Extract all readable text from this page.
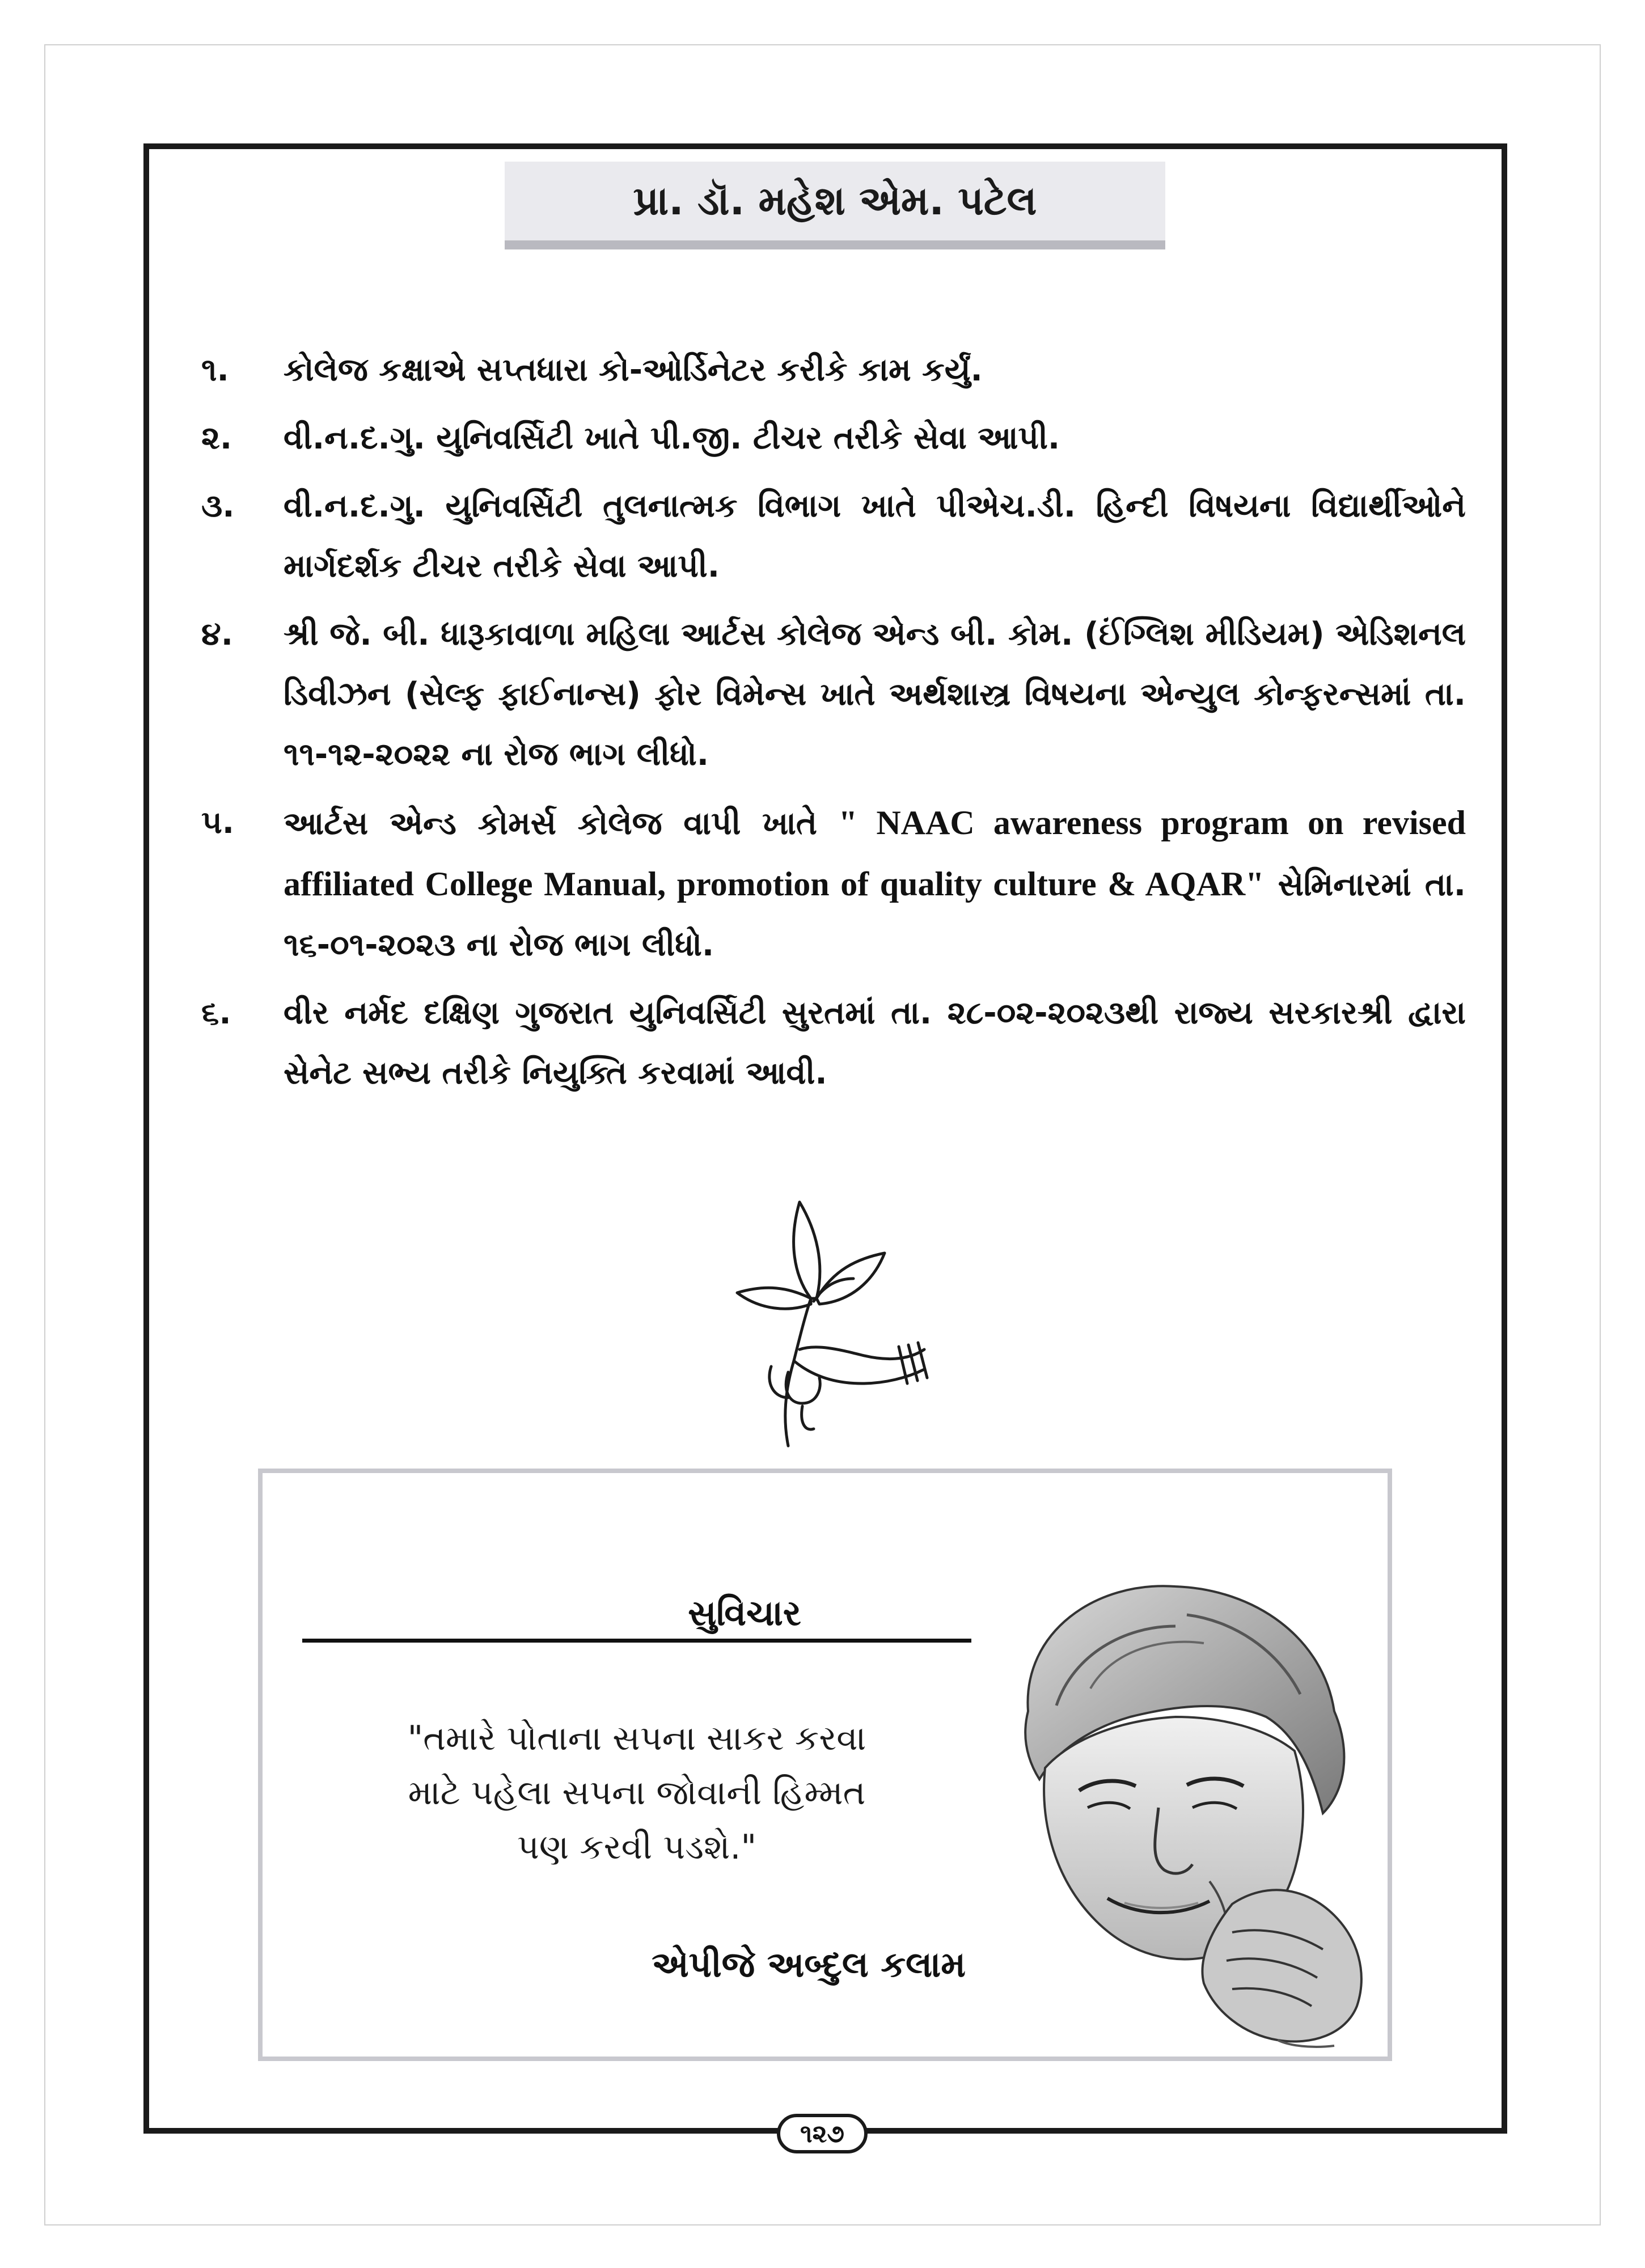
પ્રા. ડૉ. મહેશ એમ. પટેલ
૧.	કોલેજ કક્ષાએ સપ્તધારા કો-ઓર્ડિનેટર કરીકે કામ કર્યું.
૨.	વી.ન.દ.ગુ. યુનિવર્સિટી ખાતે પી.જી. ટીચર તરીકે સેવા આપી.
૩.	વી.ન.દ.ગુ. યુનિવર્સિટી તુલનાત્મક વિભાગ ખાતે પીએચ.ડી. હિન્દી વિષયના વિદ્યાર્થીઓને માર્ગદર્શક ટીચર તરીકે સેવા આપી.
૪.	શ્રી જે. બી. ધારૂકાવાળા મહિલા આર્ટસ કોલેજ એન્ડ બી. કોમ. (ઈંગ્લિશ મીડિયમ) એડિશનલ ડિવીઝન (સેલ્ફ ફાઈનાન્સ) ફોર વિમેન્સ ખાતે અર્થશાસ્ત્ર વિષયના એન્યુલ કોન્ફરન્સમાં તા. ૧૧-૧૨-૨૦૨૨ ના રોજ ભાગ લીધો.
૫.	આર્ટસ એન્ડ કોમર્સ કોલેજ વાપી ખાતે " NAAC awareness program on revised affiliated College Manual, promotion of quality culture & AQAR" સેમિનારમાં તા. ૧૬-૦૧-૨૦૨૩ ના રોજ ભાગ લીધો.
૬.	વીર નર્મદ દક્ષિણ ગુજરાત યુનિવર્સિટી સુરતમાં તા. ૨૮-૦૨-૨૦૨૩થી રાજ્ય સરકારશ્રી દ્વારા સેનેટ સભ્ય તરીકે નિયુક્તિ કરવામાં આવી.
સુવિચાર
"તમારે પોતાના સપના સાકર કરવા
માટે પહેલા સપના જોવાની હિમ્મત
પણ કરવી પડશે."
એપીજે અબ્દુલ કલામ
૧૨૭
